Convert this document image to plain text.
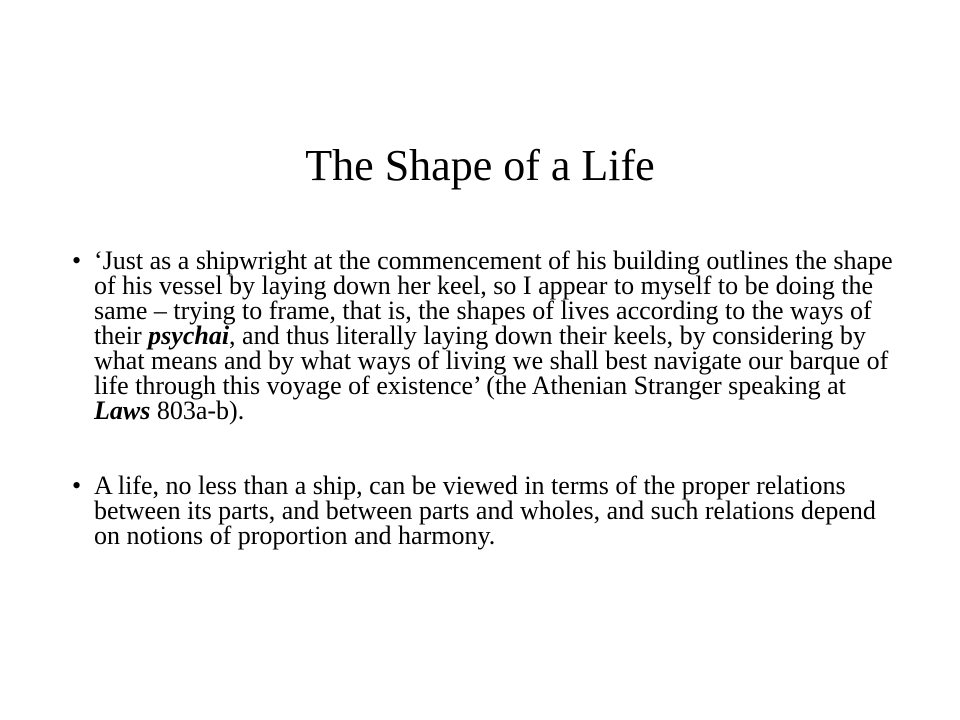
The Shape of a Life
• ‘Just as a shipwright at the commencement of his building outlines the shape of his vessel by laying down her keel, so I appear to myself to be doing the same – trying to frame, that is, the shapes of lives according to the ways of their psychai, and thus literally laying down their keels, by considering by what means and by what ways of living we shall best navigate our barque of life through this voyage of existence’ (the Athenian Stranger speaking at Laws 803a-b).
• A life, no less than a ship, can be viewed in terms of the proper relations between its parts, and between parts and wholes, and such relations depend on notions of proportion and harmony.
